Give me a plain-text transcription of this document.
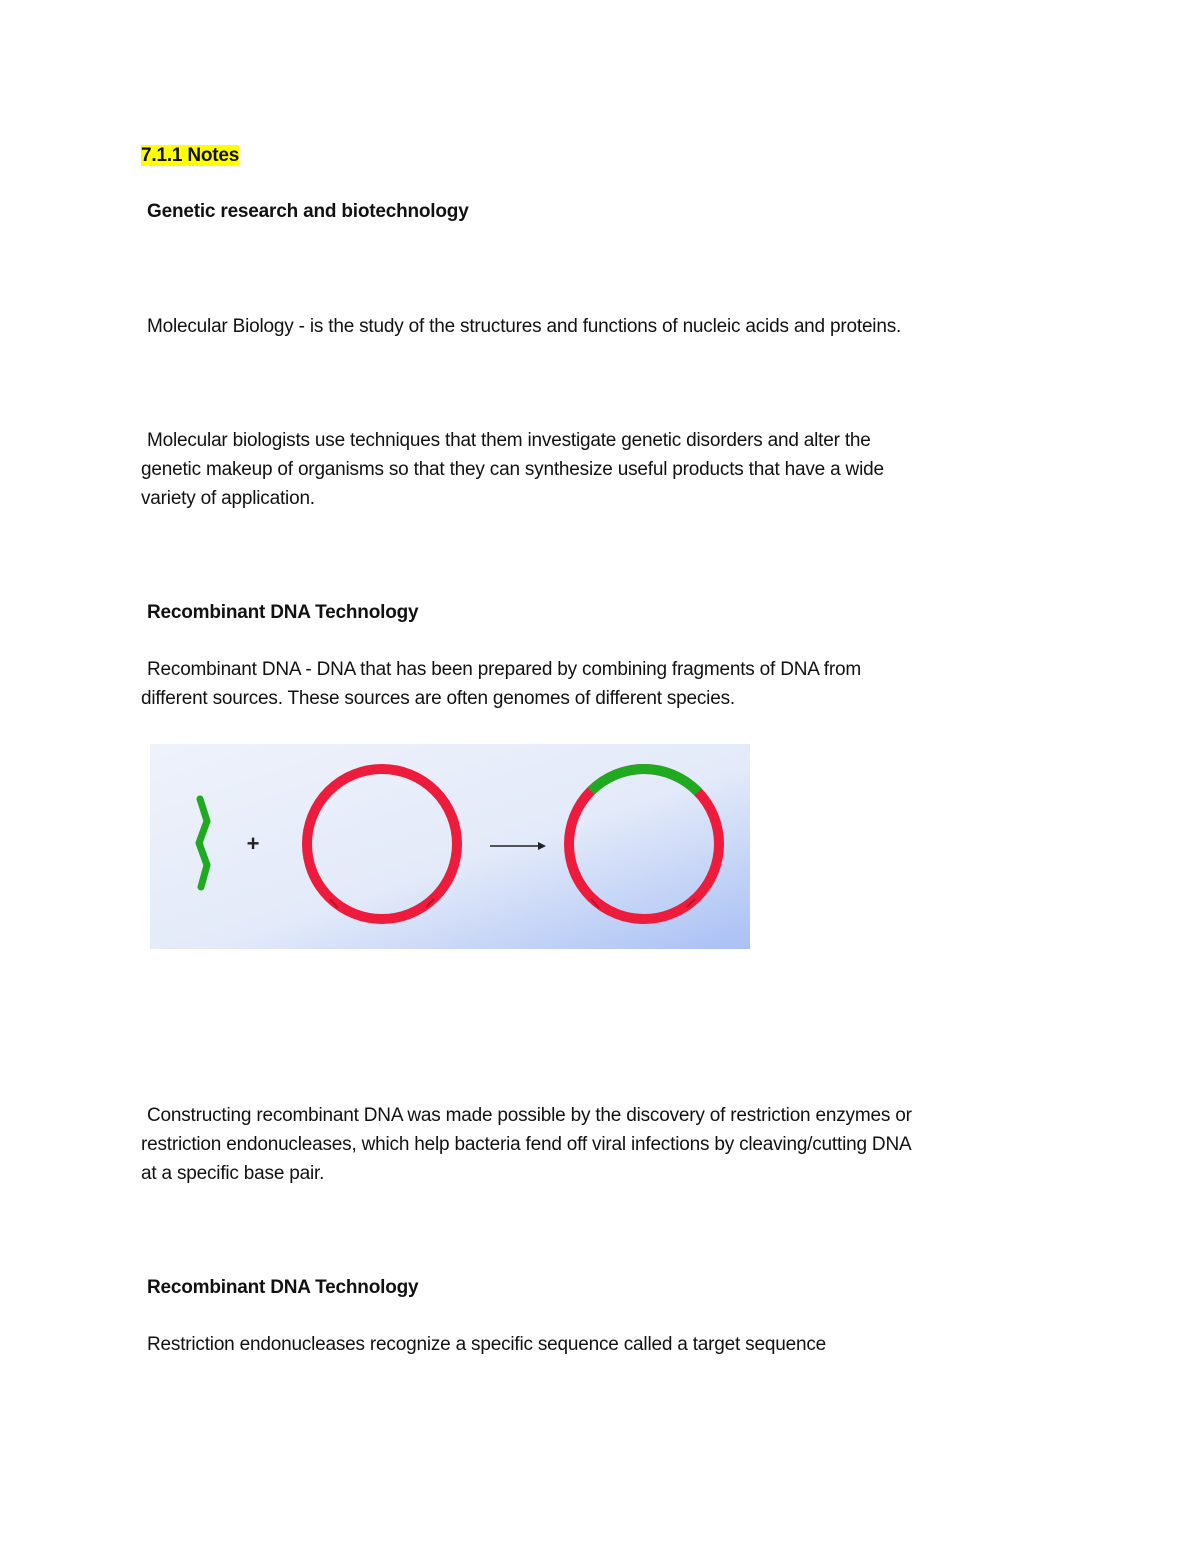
7.1.1 Notes
Genetic research and biotechnology
Molecular Biology - is the study of the structures and functions of nucleic acids and proteins.
Molecular biologists use techniques that them investigate genetic disorders and alter the
genetic makeup of organisms so that they can synthesize useful products that have a wide
variety of application.
Recombinant DNA Technology
Recombinant DNA - DNA that has been prepared by combining fragments of DNA from
different sources. These sources are often genomes of different species.
+
Constructing recombinant DNA was made possible by the discovery of restriction enzymes or
restriction endonucleases, which help bacteria fend off viral infections by cleaving/cutting DNA
at a specific base pair.
Recombinant DNA Technology
Restriction endonucleases recognize a specific sequence called a target sequence
